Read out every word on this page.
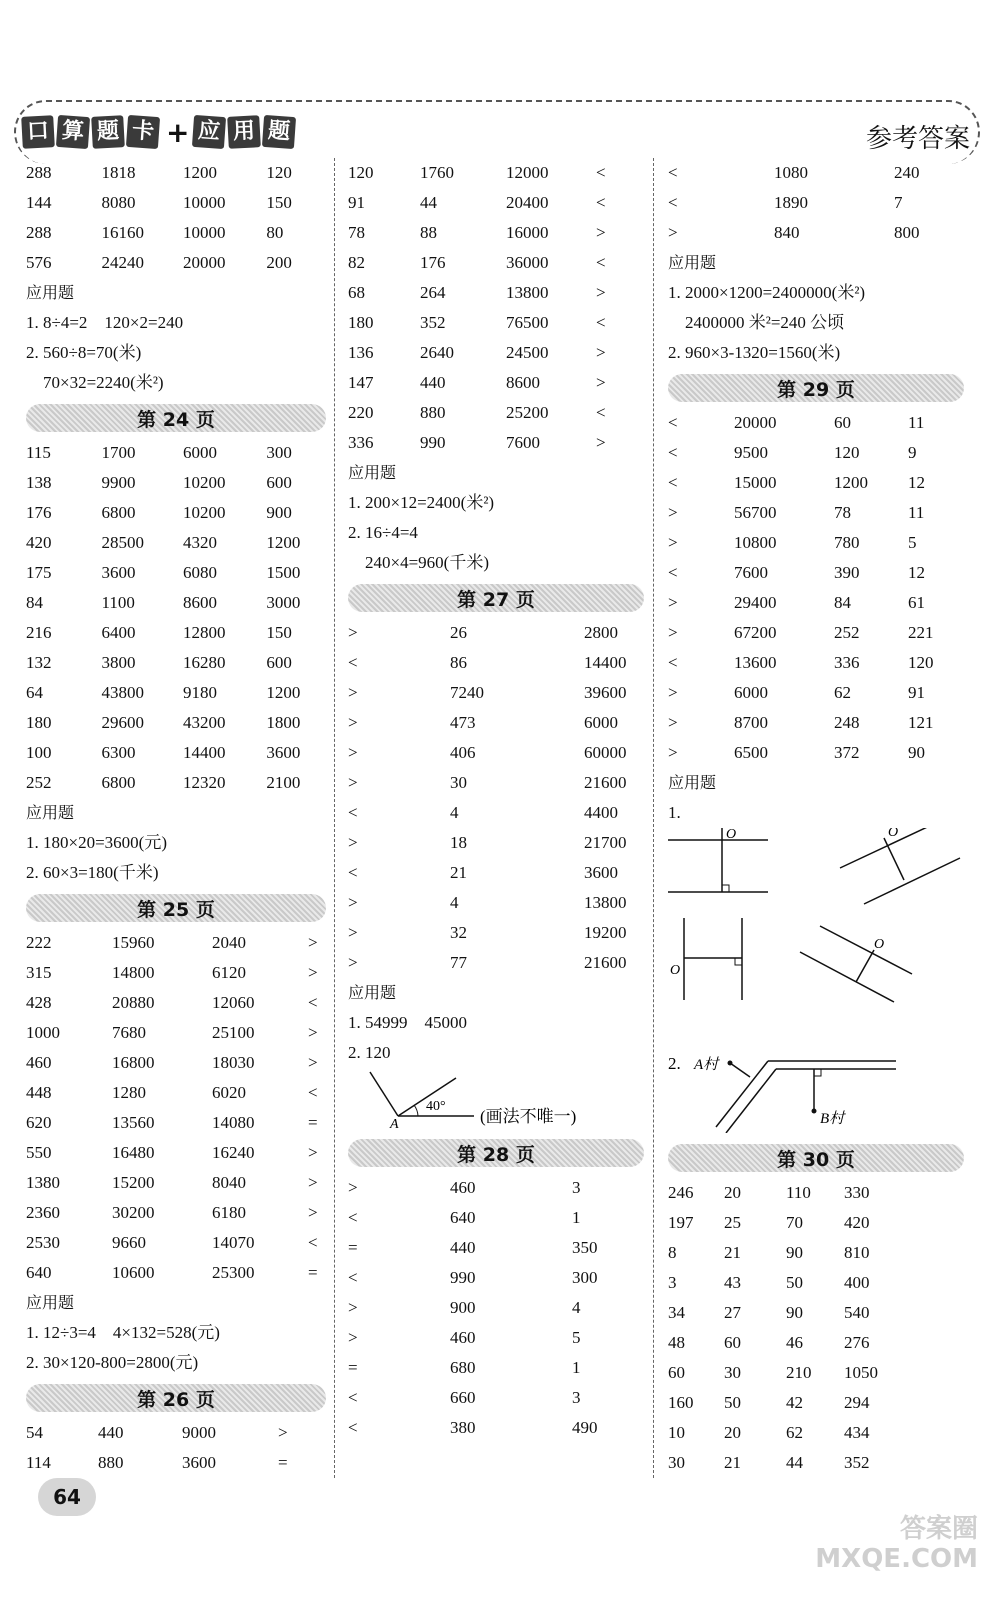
口 算 题 卡 + 应 用 题	参考答案
288	1818	1200	120
144	8080	10000	150
288	16160	10000	80
576	24240	20000	200
应用题
1. 8÷4=2　120×2=240
2. 560÷8=70(米)
　70×32=2240(米²)
第 24 页
115	1700	6000	300
138	9900	10200	600
176	6800	10200	900
420	28500	4320	1200
175	3600	6080	1500
84	1100	8600	3000
216	6400	12800	150
132	3800	16280	600
64	43800	9180	1200
180	29600	43200	1800
100	6300	14400	3600
252	6800	12320	2100
应用题
1. 180×20=3600(元)
2. 60×3=180(千米)
第 25 页
222	15960	2040	>
315	14800	6120	>
428	20880	12060	<
1000	7680	25100	>
460	16800	18030	>
448	1280	6020	<
620	13560	14080	=
550	16480	16240	>
1380	15200	8040	>
2360	30200	6180	>
2530	9660	14070	<
640	10600	25300	=
应用题
1. 12÷3=4　4×132=528(元)
2. 30×120-800=2800(元)
第 26 页
54	440	9000	>
114	880	3600	=
120	1760	12000	<
91	44	20400	<
78	88	16000	>
82	176	36000	<
68	264	13800	>
180	352	76500	<
136	2640	24500	>
147	440	8600	>
220	880	25200	<
336	990	7600	>
应用题
1. 200×12=2400(米²)
2. 16÷4=4
　240×4=960(千米)
第 27 页
>	26	2800
<	86	14400
>	7240	39600
>	473	6000
>	406	60000
>	30	21600
<	4	4400
>	18	21700
<	21	3600
>	4	13800
>	32	19200
>	77	21600
应用题
1. 54999　45000
2. 120
40°
A	(画法不唯一)
第 28 页
>	460	3
<	640	1
=	440	350
<	990	300
>	900	4
>	460	5
=	680	1
<	660	3
<	380	490
<	1080	240
<	1890	7
>	840	800
应用题
1. 2000×1200=2400000(米²)
　2400000 米²=240 公顷
2. 960×3-1320=1560(米)
第 29 页
<	20000	60	11
<	9500	120	9
<	15000	1200	12
>	56700	78	11
>	10800	780	5
<	7600	390	12
>	29400	84	61
>	67200	252	221
<	13600	336	120
>	6000	62	91
>	8700	248	121
>	6500	372	90
应用题
1.
O	O
O
O

2. A村
B村
第 30 页
246	20	110	330
197	25	70	420
8	21	90	810
3	43	50	400
34	27	90	540
48	60	46	276
60	30	210	1050
160	50	42	294
10	20	62	434
30	21	44	352
64
答案圈
MXQE.COM
